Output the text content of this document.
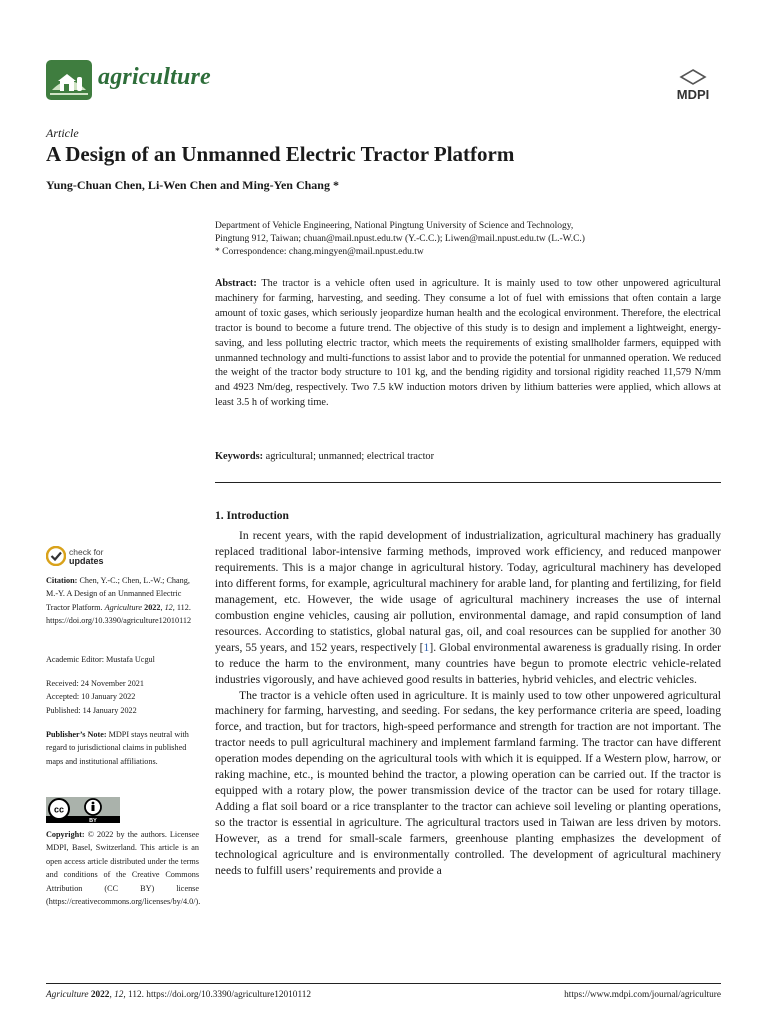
agriculture
MDPI
Article
A Design of an Unmanned Electric Tractor Platform
Yung-Chuan Chen, Li-Wen Chen and Ming-Yen Chang *

Department of Vehicle Engineering, National Pingtung University of Science and Technology,

Pingtung 912, Taiwan; chuan@mail.npust.edu.tw (Y.-C.C.); Liwen@mail.npust.edu.tw (L.-W.C.)

* Correspondence: chang.mingyen@mail.npust.edu.tw

Abstract: The tractor is a vehicle often used in agriculture. It is mainly used to tow other unpowered agricultural machinery for farming, harvesting, and seeding. They consume a lot of fuel with emissions that often contain a large amount of toxic gases, which seriously jeopardize human health and the ecological environment. Therefore, the electrical tractor is bound to become a future trend. The objective of this study is to design and implement a lightweight, energy-saving, and less polluting electric tractor, which meets the requirements of existing smallholder farmers, equipped with unmanned technology and multi-functions to assist labor and to provide the potential for unmanned operation. We reduced the weight of the tractor body structure to 101 kg, and the bending rigidity and torsional rigidity reached 11,579 N/mm and 4923 Nm/deg, respectively. Two 7.5 kW induction motors driven by lithium batteries were applied, which allows at least 3.5 h of working time.
Keywords: agricultural; unmanned; electrical tractor
1. Introduction

In recent years, with the rapid development of industrialization, agricultural machinery has gradually replaced traditional labor-intensive farming methods, improved work efficiency, and reduced manpower requirements. This is a major change in agricultural history. Today, agricultural machinery has developed into different forms, for example, agricultural machinery for arable land, for planting and fertilizing, for field management, etc. However, the wide usage of agricultural machinery increases the use of internal combustion engine vehicles, causing air pollution, environmental damage, and rapid consumption of land resources. According to statistics, global natural gas, oil, and coal resources can be supplied for another 30 years, 55 years, and 152 years, respectively [1]. Global environmental awareness is gradually rising. In order to reduce the harm to the environment, many countries have begun to promote electric vehicle-related industries vigorously, and have achieved good results in batteries, hybrid vehicles, and electric vehicles.

The tractor is a vehicle often used in agriculture. It is mainly used to tow other unpowered agricultural machinery for farming, harvesting, and seeding. For sedans, the key performance criteria are speed, loading force, and traction, but for tractors, high-speed performance and strength for traction are not important. The tractor needs to pull agricultural machinery and implement farmland farming. The tractor can have different operation modes depending on the agricultural tools with which it is equipped. If a Western plow, harrow, or raking machine, etc., is mounted behind the tractor, a plowing operation can be carried out. If the tractor is equipped with a rotary plow, the power transmission device of the tractor can be used for rotary tillage. Adding a flat soil board or a rice transplanter to the tractor can achieve soil leveling or planting operations, so the tractor is essential in agriculture. The agricultural tractors used in Taiwan are less driven by motors. However, as a trend for small-scale farmers, greenhouse planting emphasizes the development of technological agriculture and is environmentally controlled. The development of agricultural machinery needs to fulfill users’ requirements and provide a

check for
updates
Citation: Chen, Y.-C.; Chen, L.-W.; Chang, M.-Y. A Design of an Unmanned Electric Tractor Platform. Agriculture 2022, 12, 112. https://doi.org/10.3390/agriculture12010112
Academic Editor: Mustafa Ucgul
Received: 24 November 2021
Accepted: 10 January 2022
Published: 14 January 2022
Publisher’s Note: MDPI stays neutral with regard to jurisdictional claims in published maps and institutional affiliations.
cc
BY
Copyright: © 2022 by the authors. Licensee MDPI, Basel, Switzerland. This article is an open access article distributed under the terms and conditions of the Creative Commons Attribution (CC BY) license (https://creativecommons.org/licenses/by/4.0/).
Agriculture 2022, 12, 112. https://doi.org/10.3390/agriculture12010112	https://www.mdpi.com/journal/agriculture
